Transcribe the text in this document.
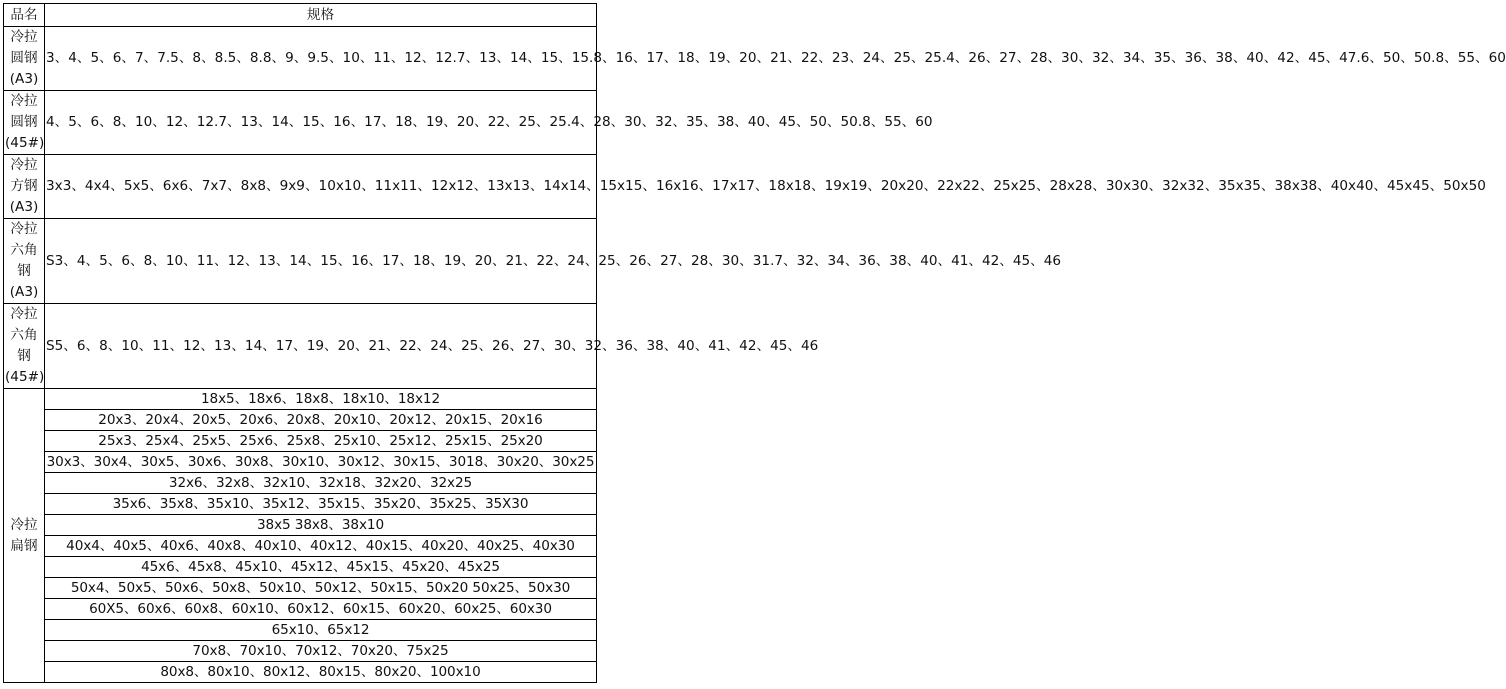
品名	规格

冷拉
圆钢
(A3)	3、4、5、6、7、7.5、8、8.5、8.8、9、9.5、10、11、12、12.7、13、14、15、15.8、16、17、18、19、20、21、22、23、24、25、25.4、26、27、28、30、32、34、35、36、38、40、42、45、47.6、50、50.8、55、60

冷拉
圆钢
(45#)	4、5、6、8、10、12、12.7、13、14、15、16、17、18、19、20、22、25、25.4、28、30、32、35、38、40、45、50、50.8、55、60

冷拉
方钢
(A3)	3x3、4x4、5x5、6x6、7x7、8x8、9x9、10x10、11x11、12x12、13x13、14x14、15x15、16x16、17x17、18x18、19x19、20x20、22x22、25x25、28x28、30x30、32x32、35x35、38x38、40x40、45x45、50x50

冷拉
六角
钢
(A3)	S3、4、5、6、8、10、11、12、13、14、15、16、17、18、19、20、21、22、24、25、26、27、28、30、31.7、32、34、36、38、40、41、42、45、46

冷拉
六角
钢
(45#)	S5、6、8、10、11、12、13、14、17、19、20、21、22、24、25、26、27、30、32、36、38、40、41、42、45、46

冷拉
扁钢	18x5、18x6、18x8、18x10、18x12
	20x3、20x4、20x5、20x6、20x8、20x10、20x12、20x15、20x16
	25x3、25x4、25x5、25x6、25x8、25x10、25x12、25x15、25x20
	30x3、30x4、30x5、30x6、30x8、30x10、30x12、30x15、3018、30x20、30x25
	32x6、32x8、32x10、32x18、32x20、32x25
	35x6、35x8、35x10、35x12、35x15、35x20、35x25、35X30
	38x5 38x8、38x10
	40x4、40x5、40x6、40x8、40x10、40x12、40x15、40x20、40x25、40x30
	45x6、45x8、45x10、45x12、45x15、45x20、45x25
	50x4、50x5、50x6、50x8、50x10、50x12、50x15、50x20 50x25、50x30
	60X5、60x6、60x8、60x10、60x12、60x15、60x20、60x25、60x30
	65x10、65x12
	70x8、70x10、70x12、70x20、75x25
	80x8、80x10、80x12、80x15、80x20、100x10
